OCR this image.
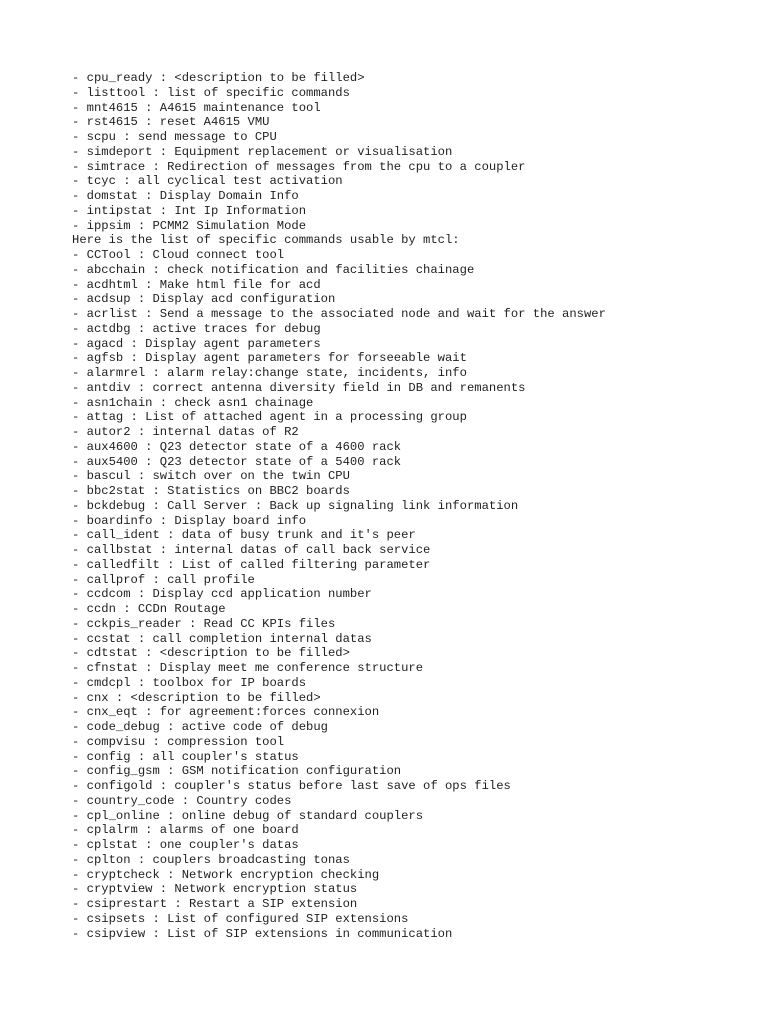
- cpu_ready : <description to be filled>
- listtool : list of specific commands
- mnt4615 : A4615 maintenance tool
- rst4615 : reset A4615 VMU
- scpu : send message to CPU
- simdeport : Equipment replacement or visualisation
- simtrace : Redirection of messages from the cpu to a coupler
- tcyc : all cyclical test activation
- domstat : Display Domain Info
- intipstat : Int Ip Information
- ippsim : PCMM2 Simulation Mode
Here is the list of specific commands usable by mtcl:
- CCTool : Cloud connect tool
- abcchain : check notification and facilities chainage
- acdhtml : Make html file for acd
- acdsup : Display acd configuration
- acrlist : Send a message to the associated node and wait for the answer
- actdbg : active traces for debug
- agacd : Display agent parameters
- agfsb : Display agent parameters for forseeable wait
- alarmrel : alarm relay:change state, incidents, info
- antdiv : correct antenna diversity field in DB and remanents
- asn1chain : check asn1 chainage
- attag : List of attached agent in a processing group
- autor2 : internal datas of R2
- aux4600 : Q23 detector state of a 4600 rack
- aux5400 : Q23 detector state of a 5400 rack
- bascul : switch over on the twin CPU
- bbc2stat : Statistics on BBC2 boards
- bckdebug : Call Server : Back up signaling link information
- boardinfo : Display board info
- call_ident : data of busy trunk and it's peer
- callbstat : internal datas of call back service
- calledfilt : List of called filtering parameter
- callprof : call profile
- ccdcom : Display ccd application number
- ccdn : CCDn Routage
- cckpis_reader : Read CC KPIs files
- ccstat : call completion internal datas
- cdtstat : <description to be filled>
- cfnstat : Display meet me conference structure
- cmdcpl : toolbox for IP boards
- cnx : <description to be filled>
- cnx_eqt : for agreement:forces connexion
- code_debug : active code of debug
- compvisu : compression tool
- config : all coupler's status
- config_gsm : GSM notification configuration
- configold : coupler's status before last save of ops files
- country_code : Country codes
- cpl_online : online debug of standard couplers
- cplalrm : alarms of one board
- cplstat : one coupler's datas
- cplton : couplers broadcasting tonas
- cryptcheck : Network encryption checking
- cryptview : Network encryption status
- csiprestart : Restart a SIP extension
- csipsets : List of configured SIP extensions
- csipview : List of SIP extensions in communication
